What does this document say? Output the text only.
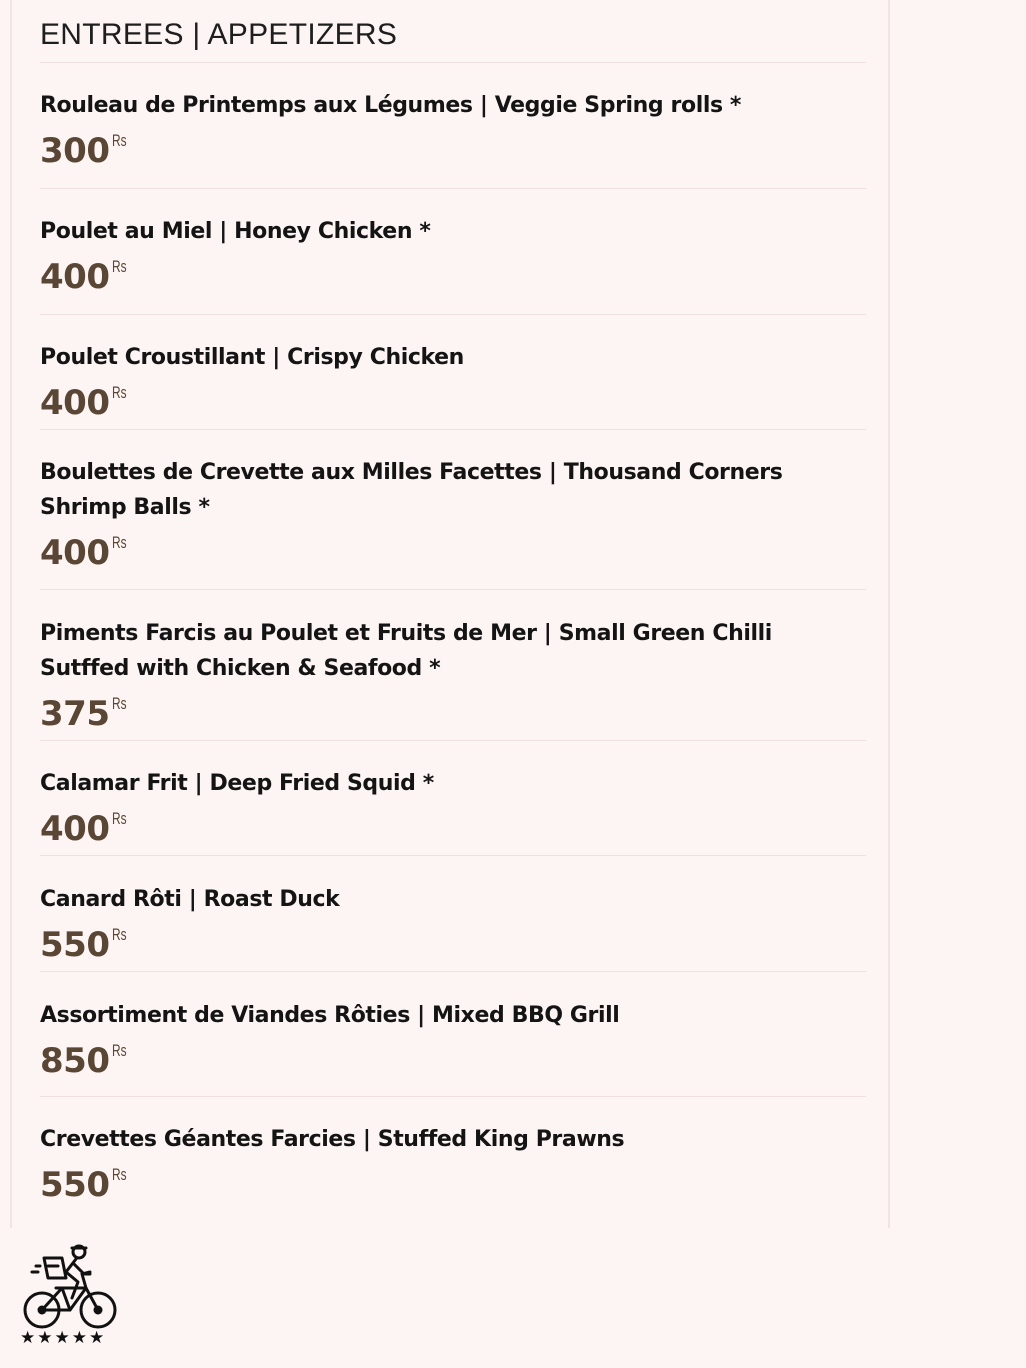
ENTREES | APPETIZERS
Rouleau de Printemps aux Légumes | Veggie Spring rolls *
300 Rs
Poulet au Miel | Honey Chicken *
400 Rs
Poulet Croustillant | Crispy Chicken
400 Rs
Boulettes de Crevette aux Milles Facettes | Thousand Corners Shrimp Balls *
400 Rs
Piments Farcis au Poulet et Fruits de Mer | Small Green Chilli Sutffed with Chicken & Seafood *
375 Rs
Calamar Frit | Deep Fried Squid *
400 Rs
Canard Rôti | Roast Duck
550 Rs
Assortiment de Viandes Rôties | Mixed BBQ Grill
850 Rs
Crevettes Géantes Farcies | Stuffed King Prawns
550 Rs
★★★★★
